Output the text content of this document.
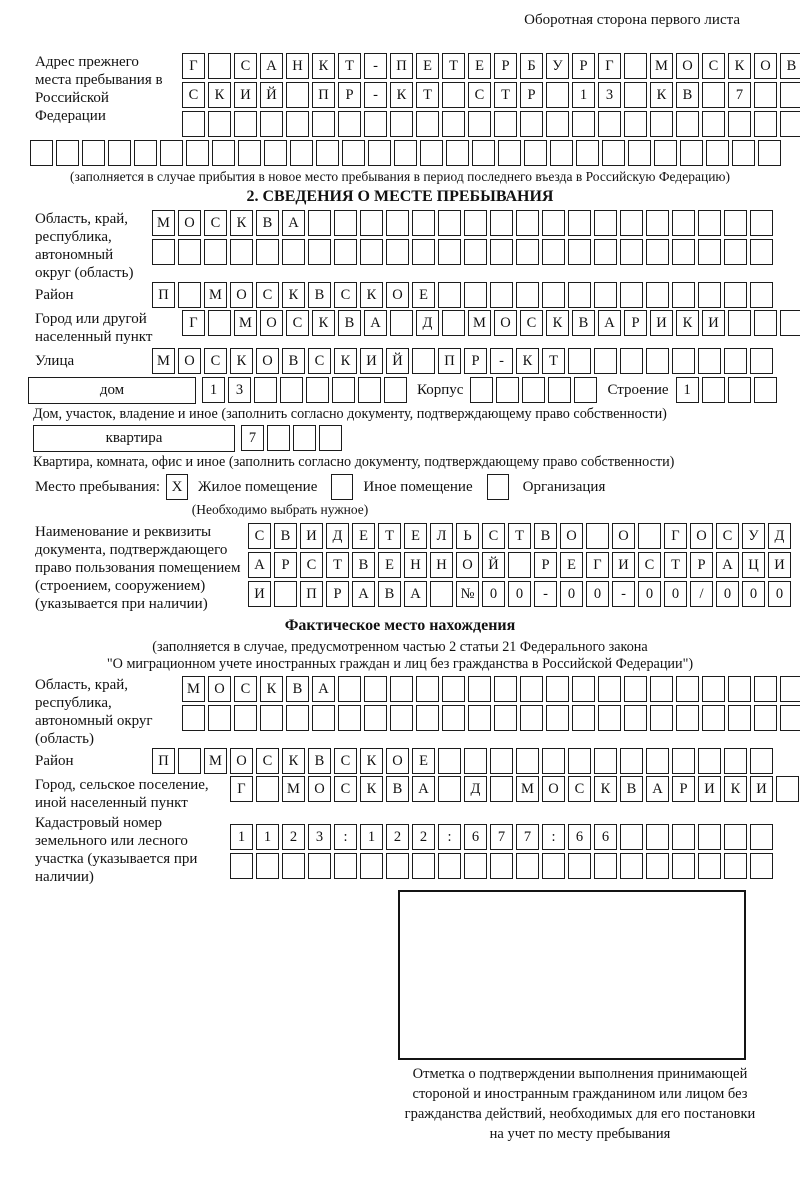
Оборотная сторона первого листа
Адрес прежнего места пребывания в Российской Федерации
Г	С	А	Н	К	Т	-	П	Е	Т	Е	Р	Б	У	Р	Г	М О	С	К	О	В
С	К	И	Й	П	Р	-	К	Т	С	Т	Р	1	3	К	В	7
(заполняется в случае прибытия в новое место пребывания в период последнего въезда в Российскую Федерацию)
2. СВЕДЕНИЯ О МЕСТЕ ПРЕБЫВАНИЯ
Область, край, республика, автономный округ (область)
М О	С	К	В	А
Район	П	М О	С	К	В	С	К	О	Е
Город или другой населенный пункт
Г	М О	С	К	В	А	Д	М О	С	К	В	А	Р	И	К	И
Улица	М О	С	К	О	В	С	К	И	Й	П	Р	-	К	Т
дом	1	3	Корпус	Строение	1
Дом, участок, владение и иное (заполнить согласно документу, подтверждающему право собственности)
квартира	7
Квартира, комната, офис и иное (заполнить согласно документу, подтверждающему право собственности)
Место пребывания: X	Жилое помещение	Иное помещение	Организация
(Необходимо выбрать нужное)
Наименование и реквизиты документа, подтверждающего право пользования помещением (строением, сооружением) (указывается при наличии)
С	В	И	Д	Е	Т	Е	Л	Ь	С	Т	В	О	О	Г	О	С	У	Д
А	Р	С	Т	В	Е	Н	Н	О	Й	Р	Е	Г	И	С	Т	Р	А	Ц	И
И	П	Р	А	В	А	№	0	0	-	0	0	-	0	0	/	0	0	0
Фактическое место нахождения
(заполняется в случае, предусмотренном частью 2 статьи 21 Федерального закона
"О миграционном учете иностранных граждан и лиц без гражданства в Российской Федерации")
Область, край, республика, автономный округ (область)
М О	С	К	В	А
Район	П	М О	С	К	В	С	К	О	Е
Город, сельское поселение, иной населенный пункт
Г	М О	С	К	В	А	Д	М О	С	К	В	А	Р	И	К	И
Кадастровый номер земельного или лесного участка (указывается при наличии)
1	1	2	3	:	1	2	2	:	6	7	7	:	6	6
Отметка о подтверждении выполнения принимающей
стороной и иностранным гражданином или лицом без
гражданства действий, необходимых для его постановки
на учет по месту пребывания
